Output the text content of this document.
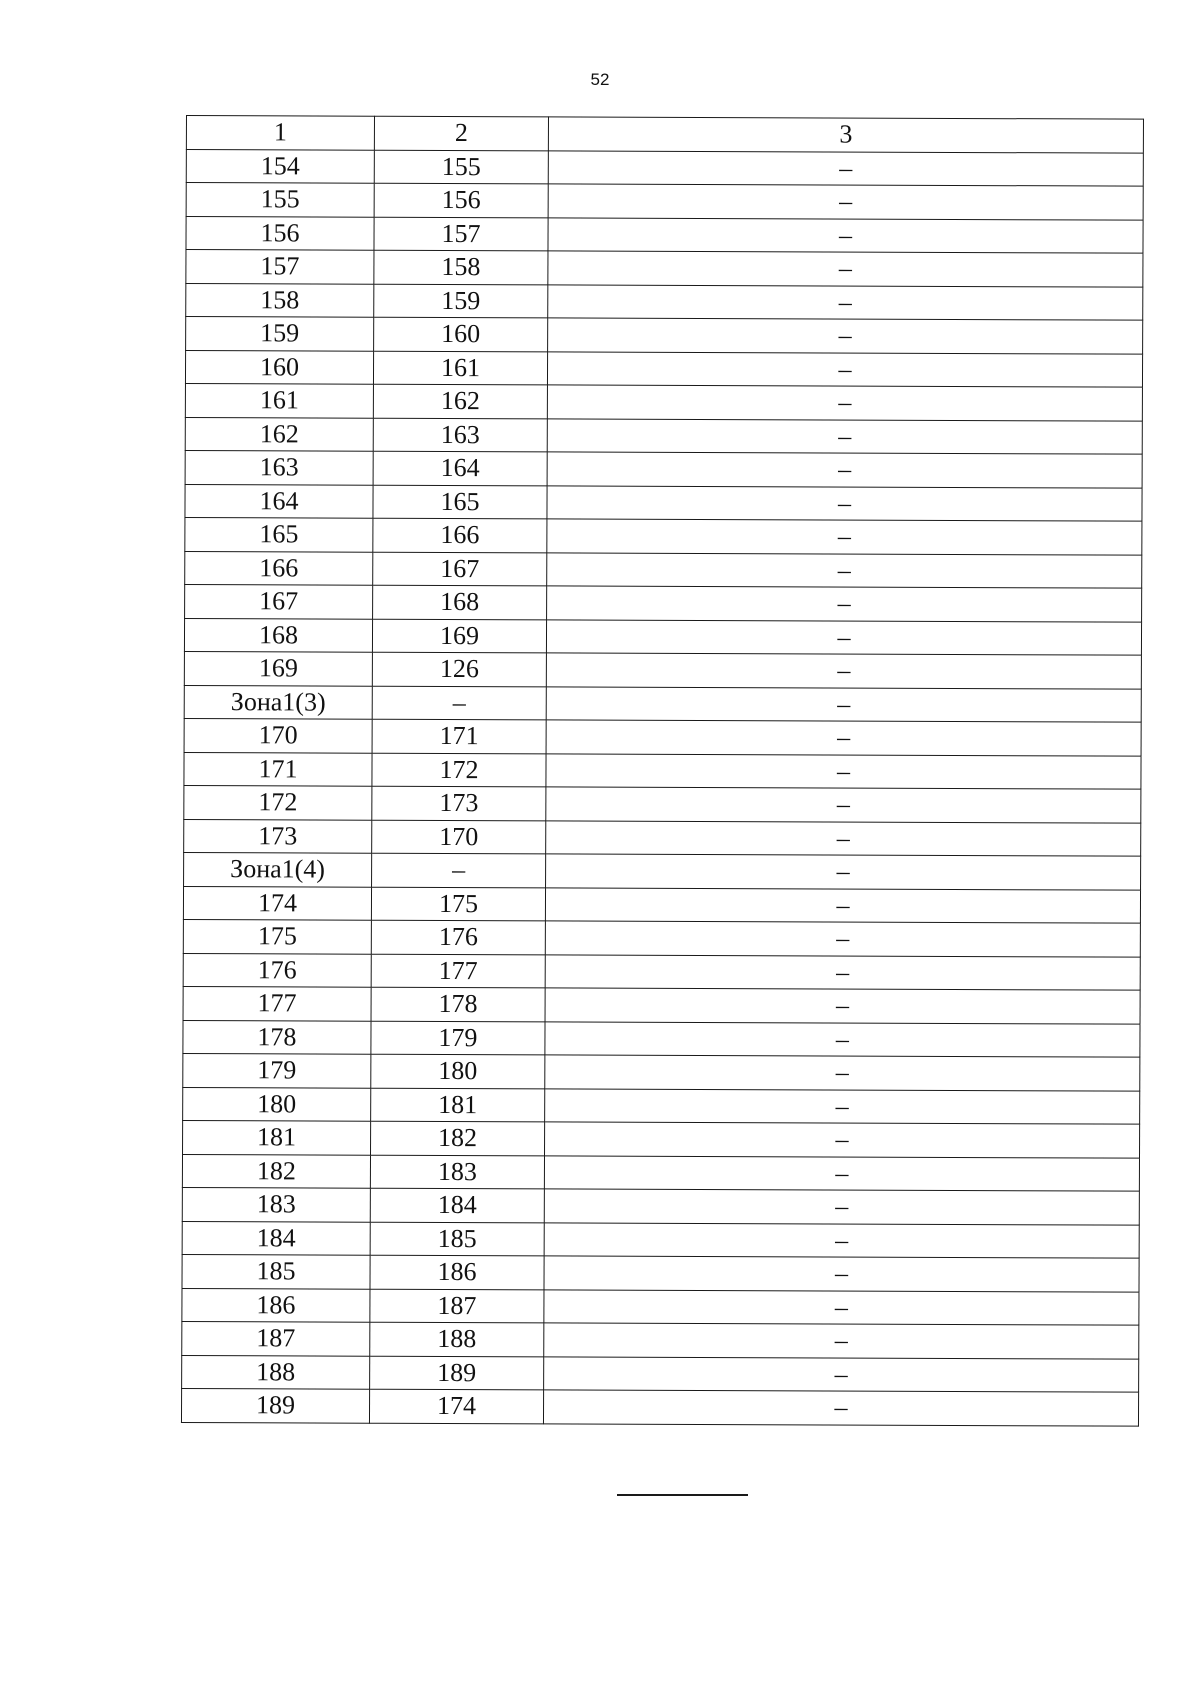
52
1	2	3
154	155	–
155	156	–
156	157	–
157	158	–
158	159	–
159	160	–
160	161	–
161	162	–
162	163	–
163	164	–
164	165	–
165	166	–
166	167	–
167	168	–
168	169	–
169	126	–
Зона1(3)	–	–
170	171	–
171	172	–
172	173	–
173	170	–
Зона1(4)	–	–
174	175	–
175	176	–
176	177	–
177	178	–
178	179	–
179	180	–
180	181	–
181	182	–
182	183	–
183	184	–
184	185	–
185	186	–
186	187	–
187	188	–
188	189	–
189	174	–
